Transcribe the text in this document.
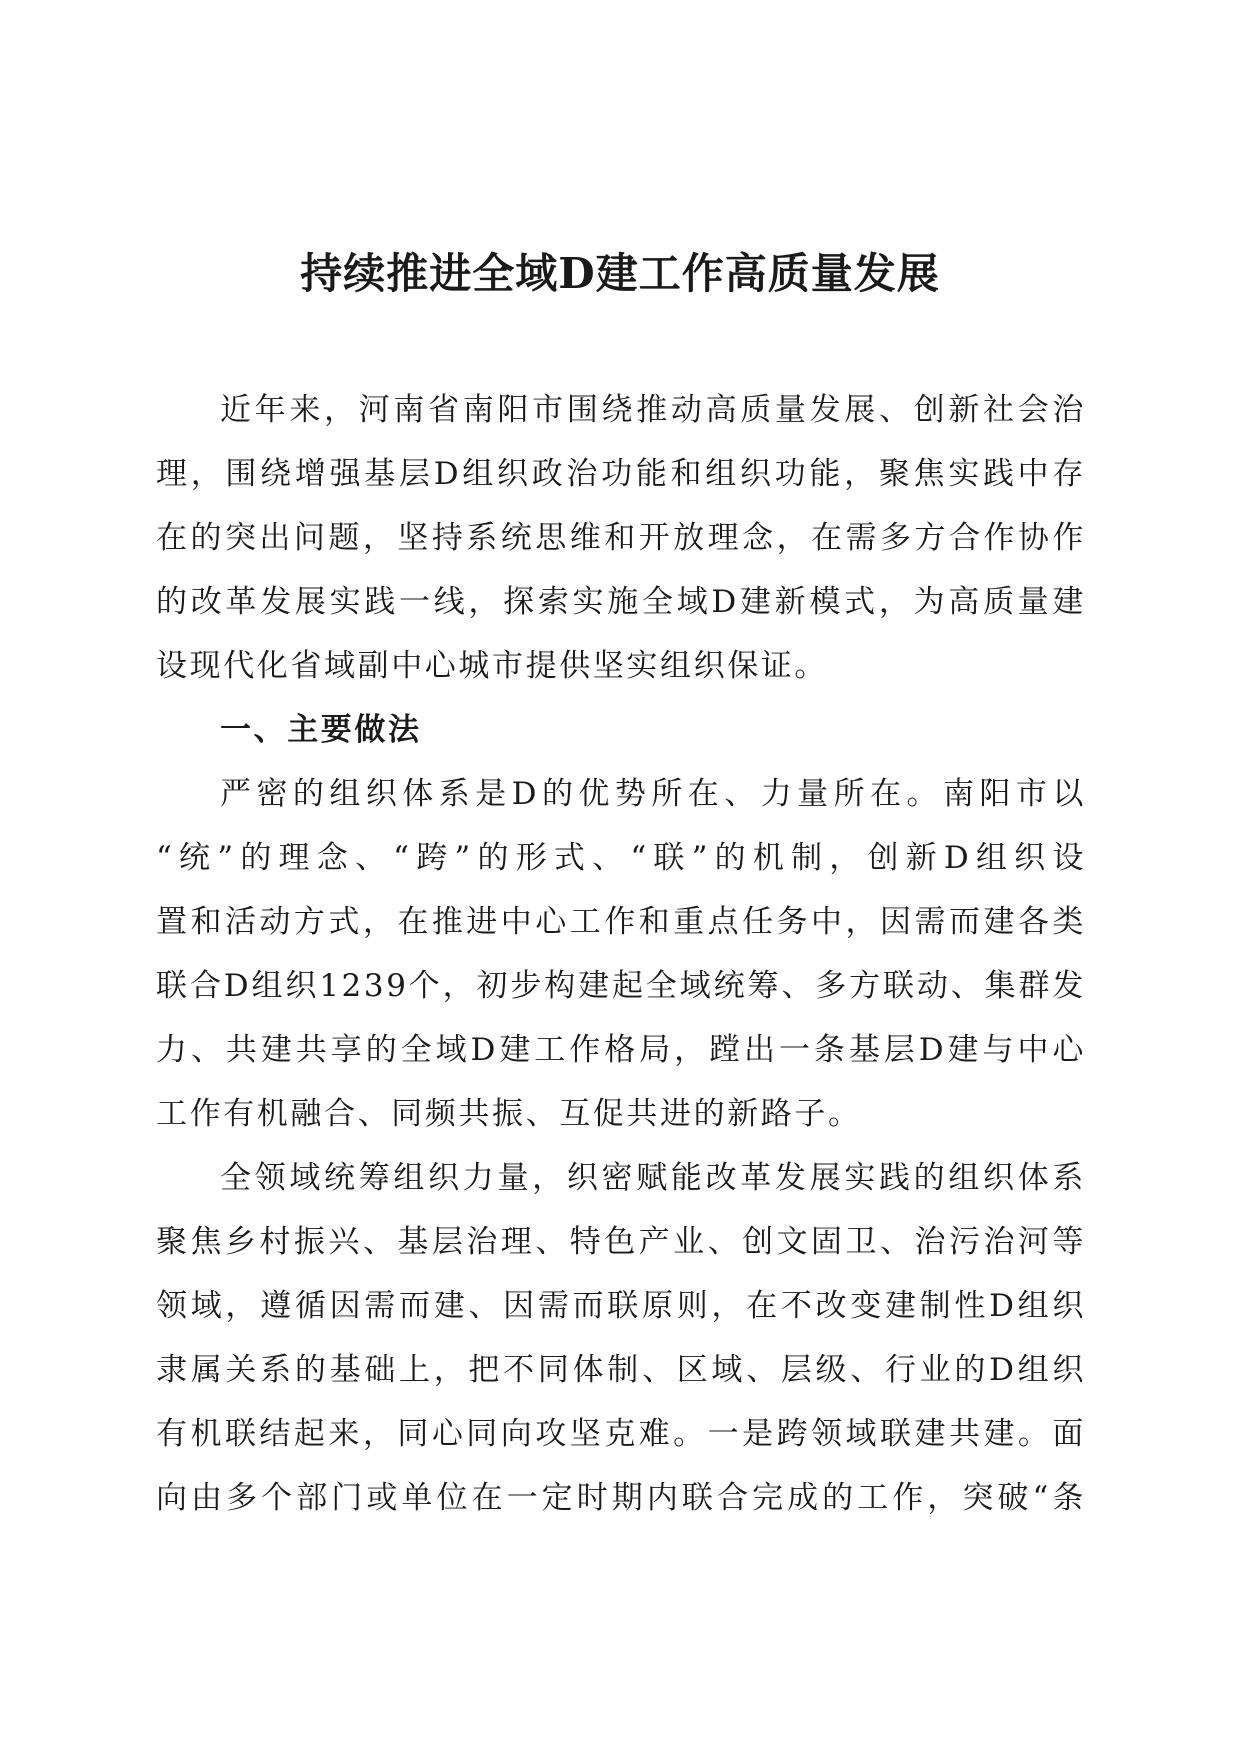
持续推进全域D建工作高质量发展
近年来，河南省南阳市围绕推动高质量发展、创新社会治
理，围绕增强基层D组织政治功能和组织功能，聚焦实践中存
在的突出问题，坚持系统思维和开放理念，在需多方合作协作
的改革发展实践一线，探索实施全域D建新模式，为高质量建
设现代化省域副中心城市提供坚实组织保证。
一、主要做法
严密的组织体系是D的优势所在、力量所在。南阳市以
“统”的理念、“跨”的形式、“联”的机制，创新D组织设
置和活动方式，在推进中心工作和重点任务中，因需而建各类
联合D组织1239个，初步构建起全域统筹、多方联动、集群发
力、共建共享的全域D建工作格局，蹚出一条基层D建与中心
工作有机融合、同频共振、互促共进的新路子。
全领域统筹组织力量，织密赋能改革发展实践的组织体系
聚焦乡村振兴、基层治理、特色产业、创文固卫、治污治河等
领域，遵循因需而建、因需而联原则，在不改变建制性D组织
隶属关系的基础上，把不同体制、区域、层级、行业的D组织
有机联结起来，同心同向攻坚克难。一是跨领域联建共建。面
向由多个部门或单位在一定时期内联合完成的工作，突破“条
